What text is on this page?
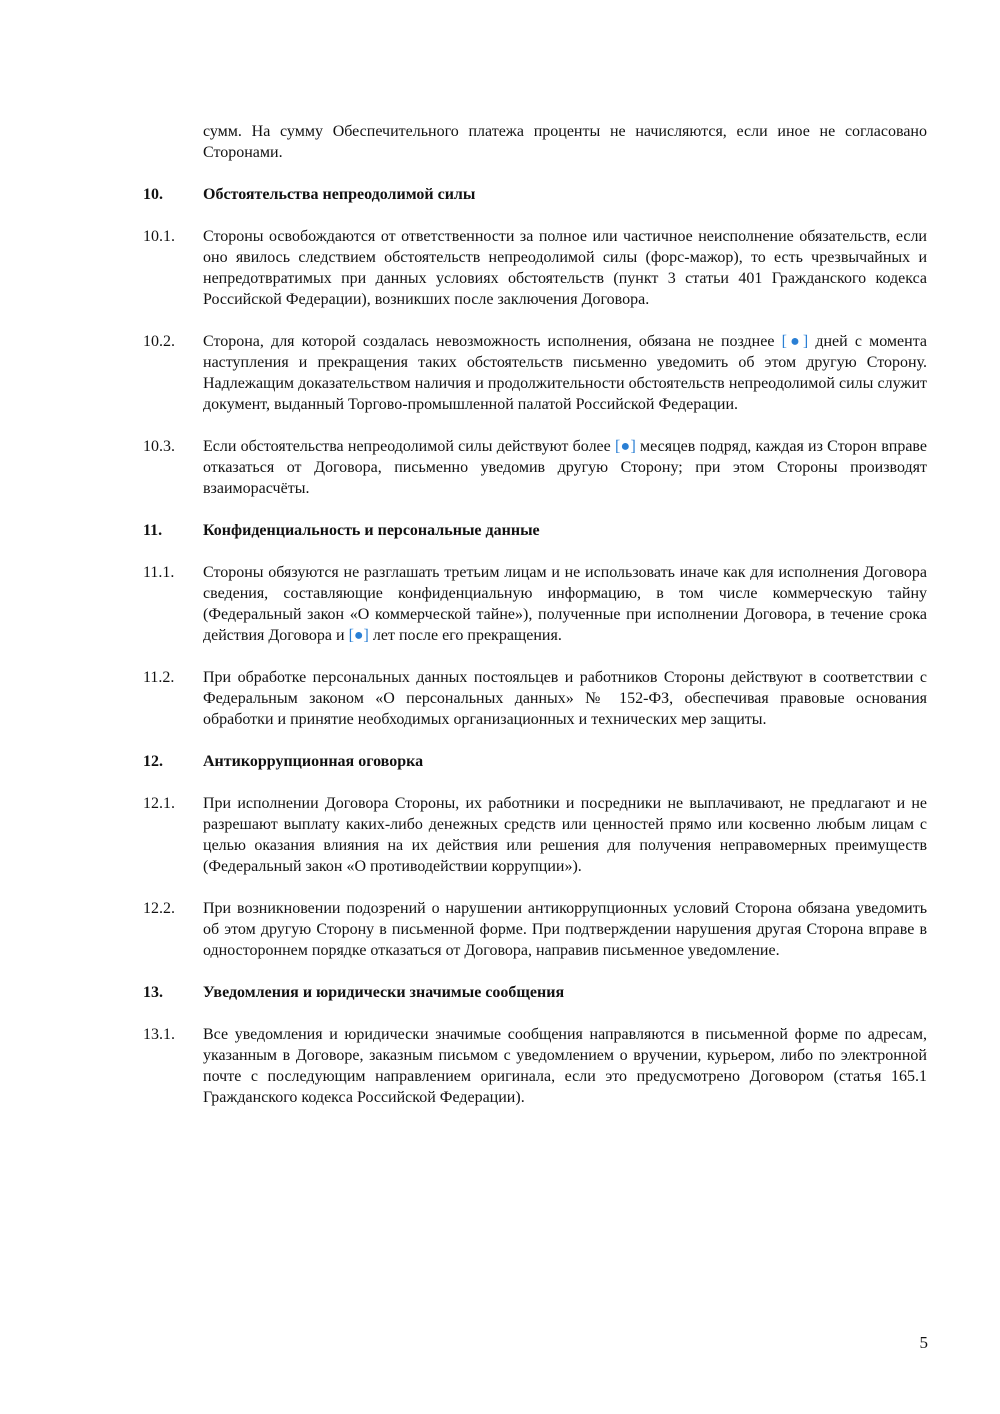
сумм. На сумму Обеспечительного платежа проценты не начисляются, если иное не согласовано Сторонами.
10.	Обстоятельства непреодолимой силы
10.1.	Стороны освобождаются от ответственности за полное или частичное неисполнение обязательств, если оно явилось следствием обстоятельств непреодолимой силы (форс-мажор), то есть чрезвычайных и непредотвратимых при данных условиях обстоятельств (пункт 3 статьи 401 Гражданского кодекса Российской Федерации), возникших после заключения Договора.
10.2.	Сторона, для которой создалась невозможность исполнения, обязана не позднее [●] дней с момента наступления и прекращения таких обстоятельств письменно уведомить об этом другую Сторону. Надлежащим доказательством наличия и продолжительности обстоятельств непреодолимой силы служит документ, выданный Торгово-промышленной палатой Российской Федерации.
10.3.	Если обстоятельства непреодолимой силы действуют более [●] месяцев подряд, каждая из Сторон вправе отказаться от Договора, письменно уведомив другую Сторону; при этом Стороны производят взаиморасчёты.
11.	Конфиденциальность и персональные данные
11.1.	Стороны обязуются не разглашать третьим лицам и не использовать иначе как для исполнения Договора сведения, составляющие конфиденциальную информацию, в том числе коммерческую тайну (Федеральный закон «О коммерческой тайне»), полученные при исполнении Договора, в течение срока действия Договора и [●] лет после его прекращения.
11.2.	При обработке персональных данных постояльцев и работников Стороны действуют в соответствии с Федеральным законом «О персональных данных» № 152-ФЗ, обеспечивая правовые основания обработки и принятие необходимых организационных и технических мер защиты.
12.	Антикоррупционная оговорка
12.1.	При исполнении Договора Стороны, их работники и посредники не выплачивают, не предлагают и не разрешают выплату каких-либо денежных средств или ценностей прямо или косвенно любым лицам с целью оказания влияния на их действия или решения для получения неправомерных преимуществ (Федеральный закон «О противодействии коррупции»).
12.2.	При возникновении подозрений о нарушении антикоррупционных условий Сторона обязана уведомить об этом другую Сторону в письменной форме. При подтверждении нарушения другая Сторона вправе в одностороннем порядке отказаться от Договора, направив письменное уведомление.
13.	Уведомления и юридически значимые сообщения
13.1.	Все уведомления и юридически значимые сообщения направляются в письменной форме по адресам, указанным в Договоре, заказным письмом с уведомлением о вручении, курьером, либо по электронной почте с последующим направлением оригинала, если это предусмотрено Договором (статья 165.1 Гражданского кодекса Российской Федерации).
5
